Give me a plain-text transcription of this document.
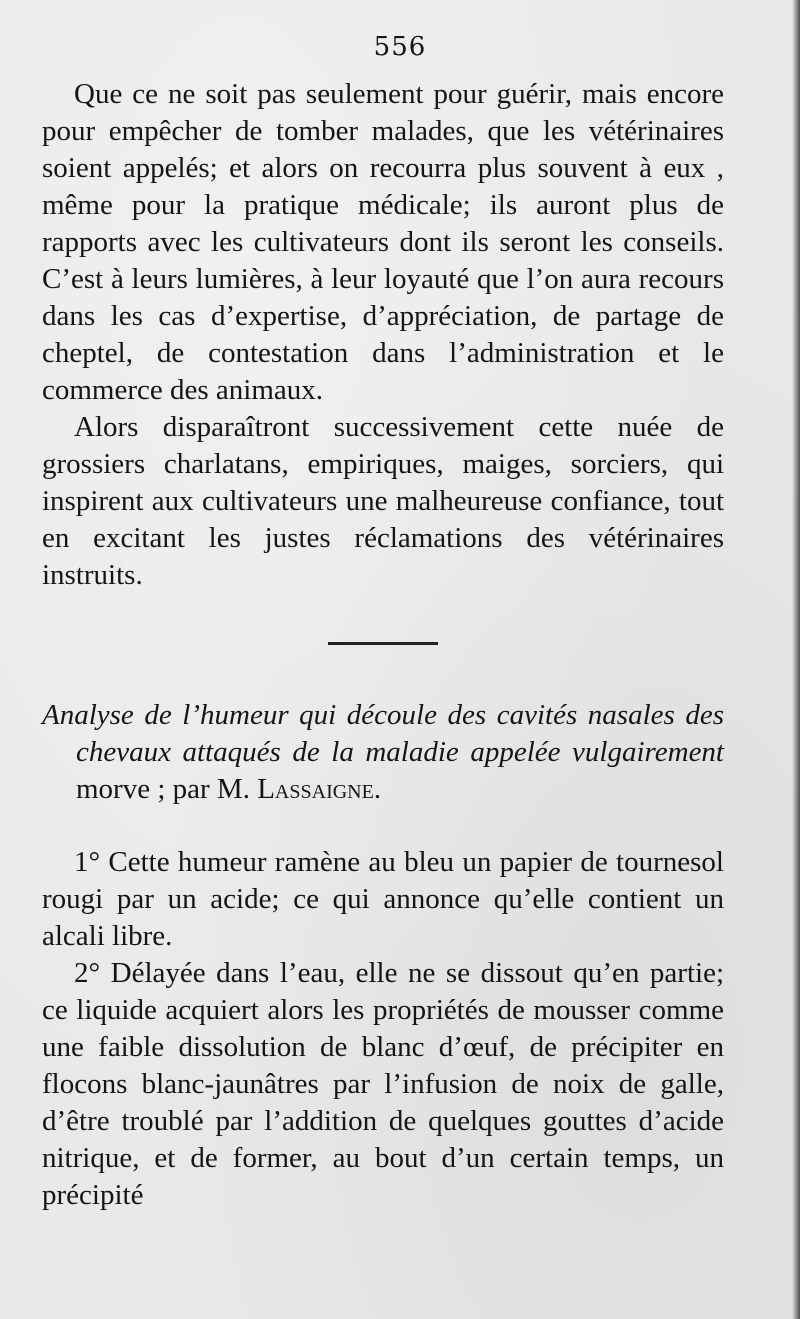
556

Que ce ne soit pas seulement pour guérir, mais encore pour empêcher de tomber malades, que les vétérinaires soient appelés; et alors on recourra plus souvent à eux , même pour la pratique médicale; ils auront plus de rapports avec les cultivateurs dont ils seront les conseils. C’est à leurs lumières, à leur loyauté que l’on aura recours dans les cas d’expertise, d’appréciation, de partage de cheptel, de contestation dans l’administration et le commerce des animaux.

Alors disparaîtront successivement cette nuée de grossiers charlatans, empiriques, maiges, sorciers, qui inspirent aux cultivateurs une malheureuse confiance, tout en excitant les justes réclamations des vétérinaires instruits.

Analyse de l’humeur qui découle des cavités nasales des chevaux attaqués de la maladie appelée vulgairement morve ; par M. Lassaigne.

1° Cette humeur ramène au bleu un papier de tournesol rougi par un acide; ce qui annonce qu’elle contient un alcali libre.

2° Délayée dans l’eau, elle ne se dissout qu’en partie; ce liquide acquiert alors les propriétés de mousser comme une faible dissolution de blanc d’œuf, de précipiter en flocons blanc-jaunâtres par l’infusion de noix de galle, d’être troublé par l’addition de quelques gouttes d’acide nitrique, et de former, au bout d’un certain temps, un précipité
